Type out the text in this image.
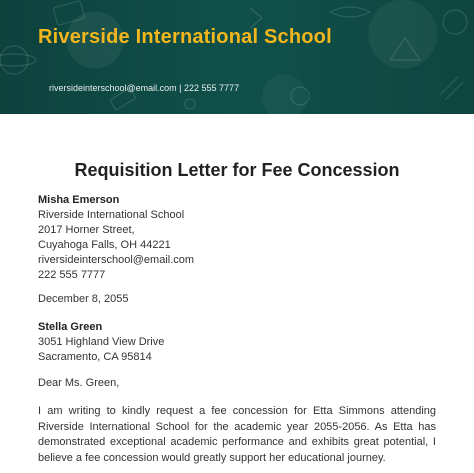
Riverside International School
riversideinterschool@email.com | 222 555 7777
Requisition Letter for Fee Concession
Misha Emerson
Riverside International School
2017 Horner Street,
Cuyahoga Falls, OH 44221
riversideinterschool@email.com
222 555 7777
December 8, 2055
Stella Green
3051 Highland View Drive
Sacramento, CA 95814
Dear Ms. Green,
I am writing to kindly request a fee concession for Etta Simmons attending Riverside International School for the academic year 2055-2056. As Etta has demonstrated exceptional academic performance and exhibits great potential, I believe a fee concession would greatly support her educational journey.
